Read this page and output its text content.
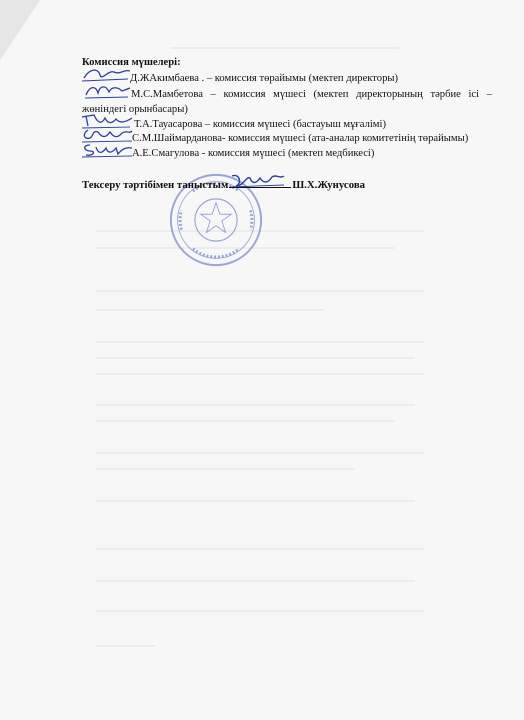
Комиссия мүшелері:
Д.ЖАкимбаева . – комиссия төрайымы (мектеп директоры)
М.С.Мамбетова – комиссия мүшесі (мектеп директорының тәрбие ісі –
жөніндегі орынбасары)
Т.А.Тауасарова – комиссия мүшесі (бастауыш мұғалімі)
С.М.Шаймарданова- комиссия мүшесі (ата-аналар комитетінің төрайымы)
А.Е.Смагулова - комиссия мүшесі (мектеп медбикесі)
Тексеру тәртібімен таныстым	Ш.Х.Жунусова
